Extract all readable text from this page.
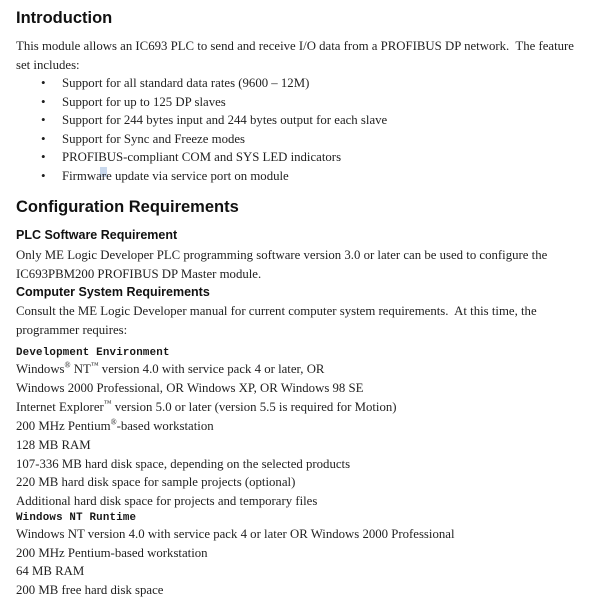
Introduction
This module allows an IC693 PLC to send and receive I/O data from a PROFIBUS DP network.  The feature
set includes:
• Support for all standard data rates (9600 – 12M)
• Support for up to 125 DP slaves
• Support for 244 bytes input and 244 bytes output for each slave
• Support for Sync and Freeze modes
• PROFIBUS-compliant COM and SYS LED indicators
• Firmware update via service port on module
Configuration Requirements
PLC Software Requirement
Only ME Logic Developer PLC programming software version 3.0 or later can be used to configure the
IC693PBM200 PROFIBUS DP Master module.
Computer System Requirements
Consult the ME Logic Developer manual for current computer system requirements.  At this time, the
programmer requires:
Development Environment
Windows® NT™ version 4.0 with service pack 4 or later, OR
Windows 2000 Professional, OR Windows XP, OR Windows 98 SE
Internet Explorer™ version 5.0 or later (version 5.5 is required for Motion)
200 MHz Pentium®-based workstation
128 MB RAM
107-336 MB hard disk space, depending on the selected products
220 MB hard disk space for sample projects (optional)
Additional hard disk space for projects and temporary files
Windows NT Runtime
Windows NT version 4.0 with service pack 4 or later OR Windows 2000 Professional
200 MHz Pentium-based workstation
64 MB RAM
200 MB free hard disk space
